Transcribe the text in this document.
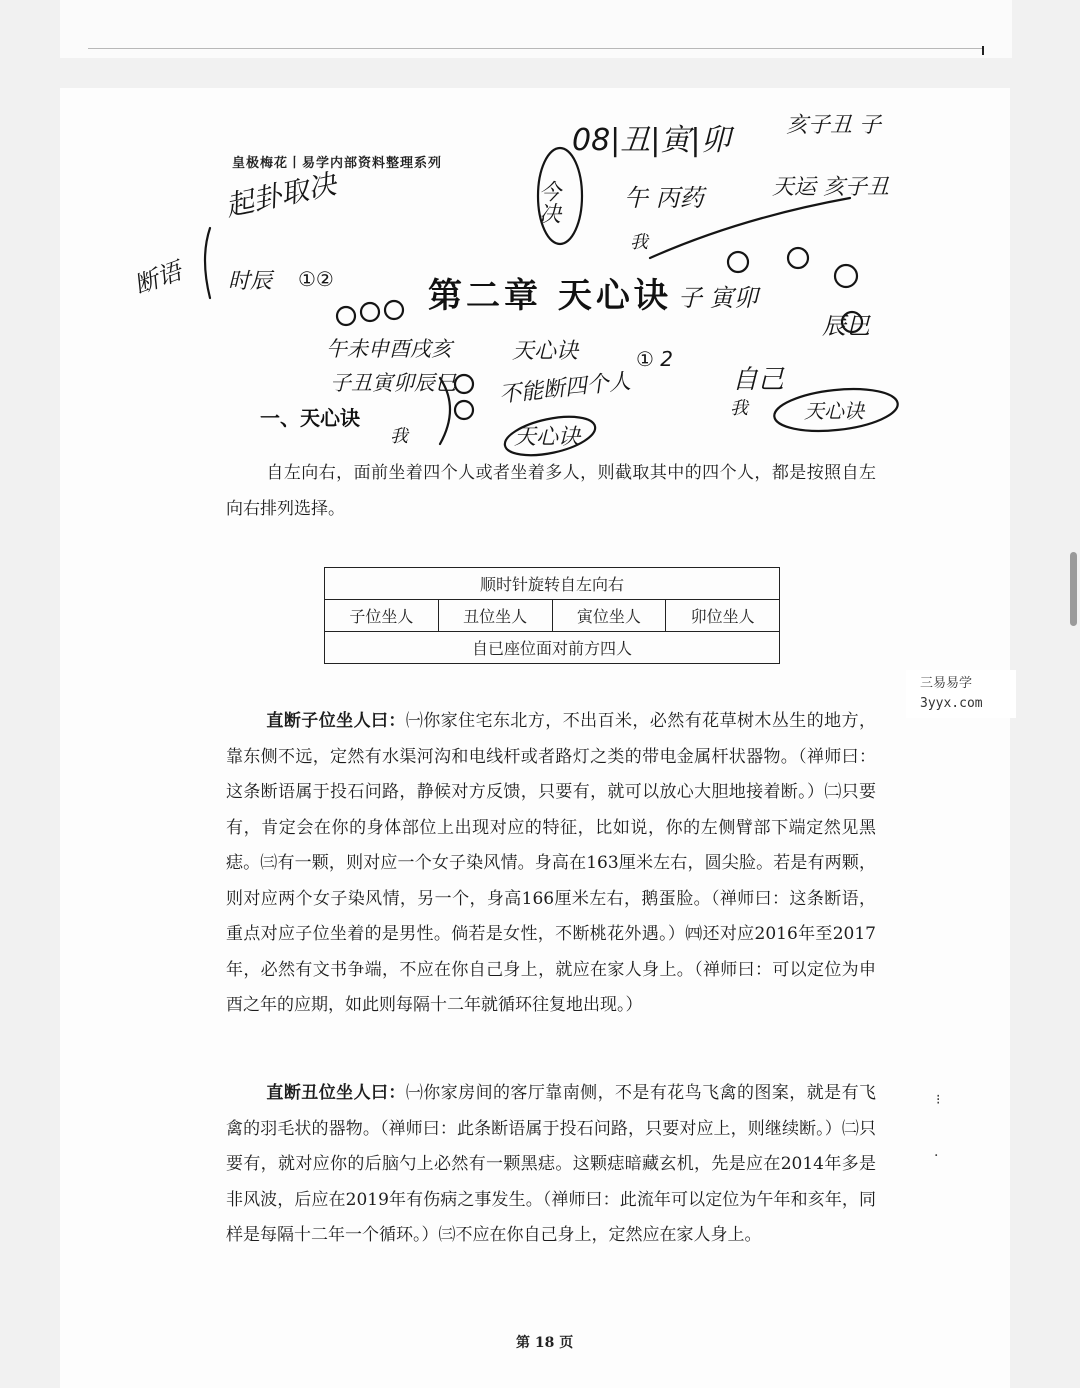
皇极梅花丨易学内部资料整理系列
第二章 天心诀
一、天心诀
08|丑|寅|卯	亥子丑 子
起卦取决
断语 时辰 ①②
今决	午 丙药	天运 亥子丑
午未申酉戌亥
子丑寅卯辰巳
天心诀
不能断四个人
天心诀
子 寅卯
辰巳
自己
天心诀
我
我
我
① 2

自左向右，面前坐着四个人或者坐着多人，则截取其中的四个人，都是按照自左向右排列选择。

顺时针旋转自左向右
子位坐人	丑位坐人	寅位坐人	卯位坐人
自已座位面对前方四人

直断子位坐人曰：㈠你家住宅东北方，不出百米，必然有花草树木丛生的地方，靠东侧不远，定然有水渠河沟和电线杆或者路灯之类的带电金属杆状器物。（禅师曰：这条断语属于投石问路，静候对方反馈，只要有，就可以放心大胆地接着断。）㈡只要有，肯定会在你的身体部位上出现对应的特征，比如说，你的左侧臂部下端定然见黑痣。㈢有一颗，则对应一个女子染风情。身高在163厘米左右，圆尖脸。若是有两颗，则对应两个女子染风情，另一个，身高166厘米左右，鹅蛋脸。（禅师曰：这条断语，重点对应子位坐着的是男性。倘若是女性，不断桃花外遇。）㈣还对应2016年至2017年，必然有文书争端，不应在你自己身上，就应在家人身上。（禅师曰：可以定位为申酉之年的应期，如此则每隔十二年就循环往复地出现。）

直断丑位坐人曰：㈠你家房间的客厅靠南侧，不是有花鸟飞禽的图案，就是有飞禽的羽毛状的器物。（禅师曰：此条断语属于投石问路，只要对应上，则继续断。）㈡只要有，就对应你的后脑勺上必然有一颗黑痣。这颗痣暗藏玄机，先是应在2014年多是非风波，后应在2019年有伤病之事发生。（禅师曰：此流年可以定位为午年和亥年，同样是每隔十二年一个循环。）㈢不应在你自己身上，定然应在家人身上。

⁝
·
第 18 页
三易易学
3yyx.com
